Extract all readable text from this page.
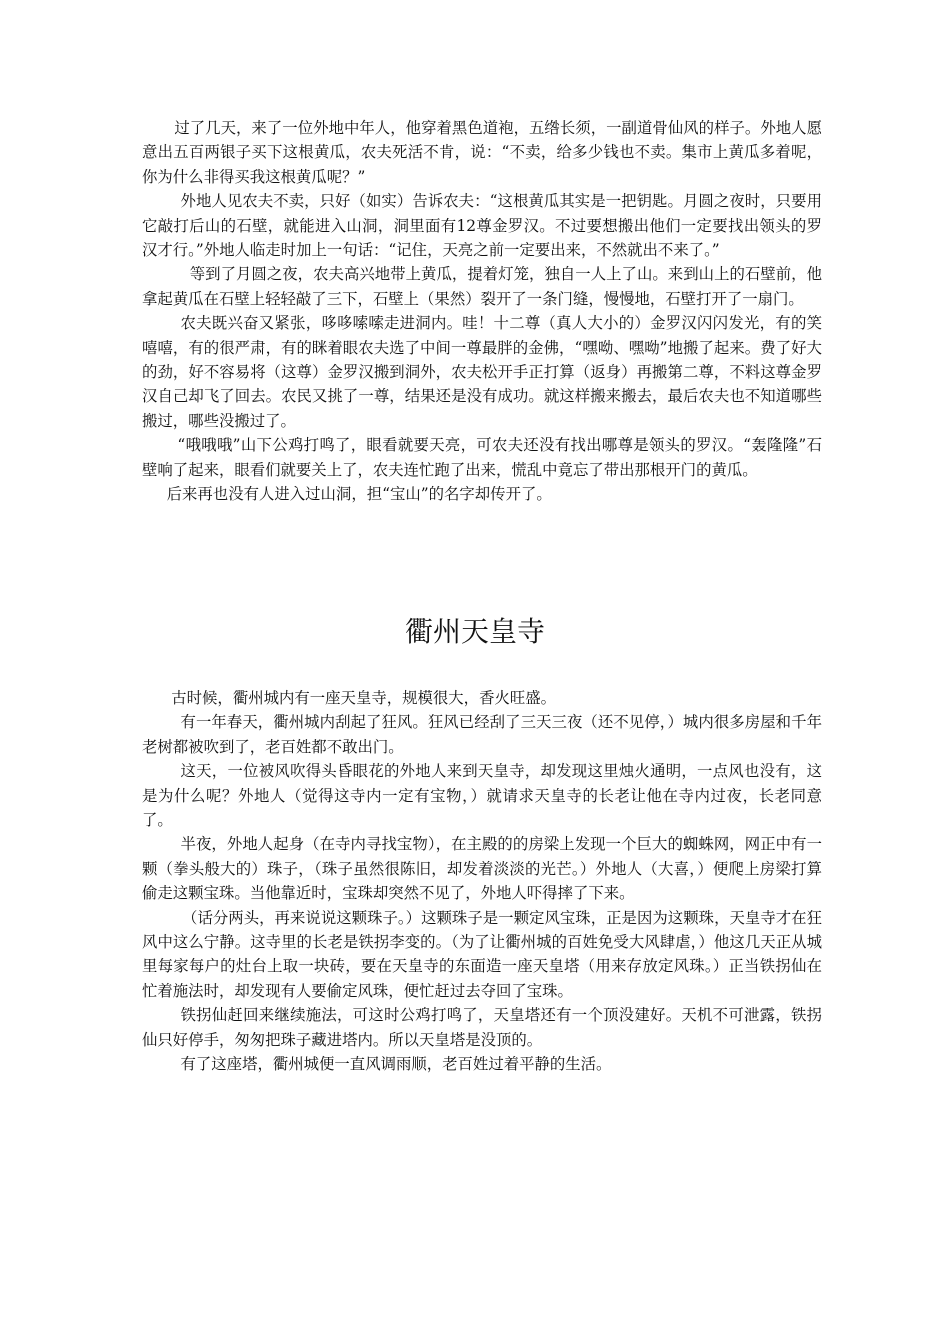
过了几天，来了一位外地中年人，他穿着黑色道袍，五绺长须，一副道骨仙风的样子。外地人愿意出五百两银子买下这根黄瓜，农夫死活不肯，说：“不卖，给多少钱也不卖。集市上黄瓜多着呢，你为什么非得买我这根黄瓜呢？”

外地人见农夫不卖，只好（如实）告诉农夫：“这根黄瓜其实是一把钥匙。月圆之夜时，只要用它敲打后山的石壁，就能进入山洞，洞里面有12尊金罗汉。不过要想搬出他们一定要找出领头的罗汉才行。”外地人临走时加上一句话：“记住，天亮之前一定要出来，不然就出不来了。”

等到了月圆之夜，农夫高兴地带上黄瓜，提着灯笼，独自一人上了山。来到山上的石壁前，他拿起黄瓜在石壁上轻轻敲了三下，石壁上（果然）裂开了一条门缝，慢慢地，石壁打开了一扇门。

农夫既兴奋又紧张，哆哆嗦嗦走进洞内。哇！十二尊（真人大小的）金罗汉闪闪发光，有的笑嘻嘻，有的很严肃，有的眯着眼农夫选了中间一尊最胖的金佛，“嘿呦、嘿呦”地搬了起来。费了好大的劲，好不容易将（这尊）金罗汉搬到洞外，农夫松开手正打算（返身）再搬第二尊，不料这尊金罗汉自己却飞了回去。农民又挑了一尊，结果还是没有成功。就这样搬来搬去，最后农夫也不知道哪些搬过，哪些没搬过了。

“哦哦哦”山下公鸡打鸣了，眼看就要天亮，可农夫还没有找出哪尊是领头的罗汉。“轰隆隆”石壁响了起来，眼看们就要关上了，农夫连忙跑了出来，慌乱中竟忘了带出那根开门的黄瓜。

后来再也没有人进入过山洞，担“宝山”的名字却传开了。

衢州天皇寺

古时候，衢州城内有一座天皇寺，规模很大，香火旺盛。

有一年春天，衢州城内刮起了狂风。狂风已经刮了三天三夜（还不见停，）城内很多房屋和千年老树都被吹到了，老百姓都不敢出门。

这天，一位被风吹得头昏眼花的外地人来到天皇寺，却发现这里烛火通明，一点风也没有，这是为什么呢？外地人（觉得这寺内一定有宝物，）就请求天皇寺的长老让他在寺内过夜，长老同意了。

半夜，外地人起身（在寺内寻找宝物），在主殿的的房梁上发现一个巨大的蜘蛛网，网正中有一颗（拳头般大的）珠子，（珠子虽然很陈旧，却发着淡淡的光芒。）外地人（大喜，）便爬上房梁打算偷走这颗宝珠。当他靠近时，宝珠却突然不见了，外地人吓得摔了下来。

（话分两头，再来说说这颗珠子。）这颗珠子是一颗定风宝珠，正是因为这颗珠，天皇寺才在狂风中这么宁静。这寺里的长老是铁拐李变的。（为了让衢州城的百姓免受大风肆虐，）他这几天正从城里每家每户的灶台上取一块砖，要在天皇寺的东面造一座天皇塔（用来存放定风珠。）正当铁拐仙在忙着施法时，却发现有人要偷定风珠，便忙赶过去夺回了宝珠。

铁拐仙赶回来继续施法，可这时公鸡打鸣了，天皇塔还有一个顶没建好。天机不可泄露，铁拐仙只好停手，匆匆把珠子藏进塔内。所以天皇塔是没顶的。

有了这座塔，衢州城便一直风调雨顺，老百姓过着平静的生活。
